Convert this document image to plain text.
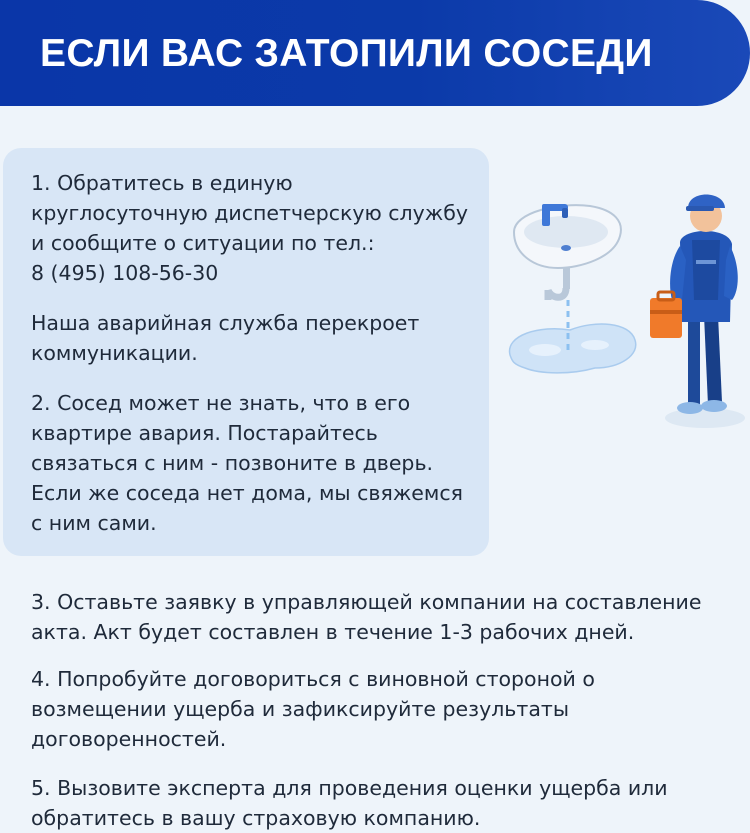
ЕСЛИ ВАС ЗАТОПИЛИ СОСЕДИ
1. Обратитесь в единую
круглосуточную диспетчерскую службу
и сообщите о ситуации по тел.:
8 (495) 108-56-30
Наша аварийная служба перекроет
коммуникации.
2. Сосед может не знать, что в его
квартире авария. Постарайтесь
связаться с ним - позвоните в дверь.
Если же соседа нет дома, мы свяжемся
с ним сами.
3. Оставьте заявку в управляющей компании на составление
акта. Акт будет составлен в течение 1-3 рабочих дней.
4. Попробуйте договориться с виновной стороной о
возмещении ущерба и зафиксируйте результаты
договоренностей.
5. Вызовите эксперта для проведения оценки ущерба или
обратитесь в вашу страховую компанию.
